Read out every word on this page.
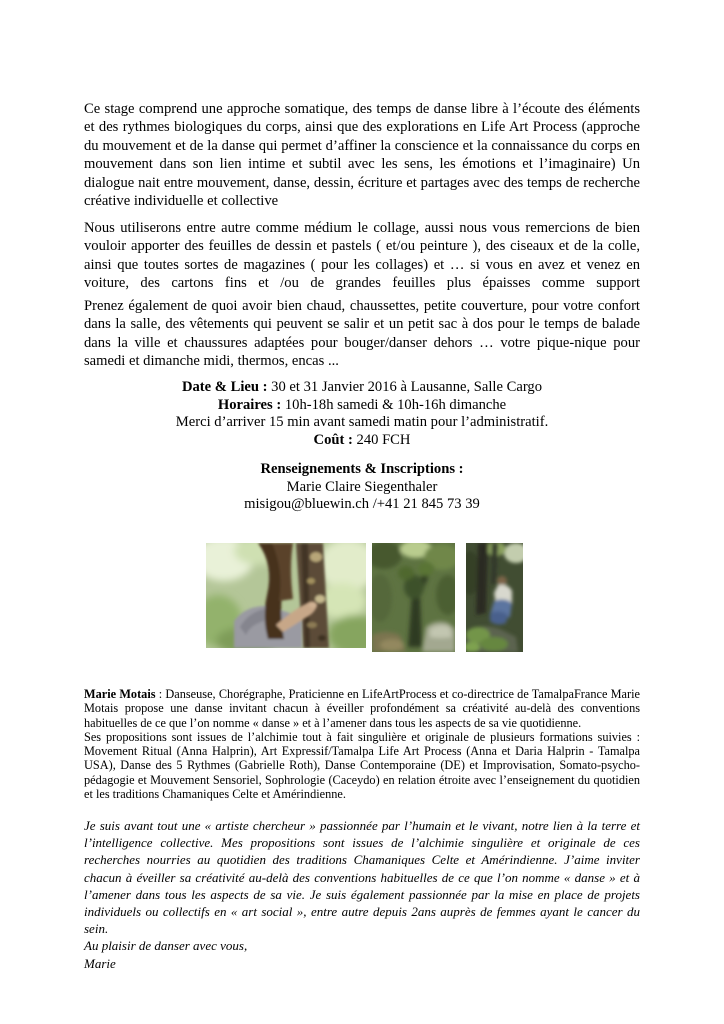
Ce stage comprend une approche somatique, des temps de danse libre à l’écoute des éléments et des rythmes biologiques du corps, ainsi que des explorations en Life Art Process (approche du mouvement et de la danse qui permet d’affiner la conscience et la connaissance du corps en mouvement dans son lien intime et subtil avec les sens, les émotions et l’imaginaire) Un dialogue nait entre mouvement, danse, dessin, écriture et partages avec des temps de recherche créative individuelle et collective
Nous utiliserons entre autre comme médium le collage, aussi nous vous remercions de bien vouloir apporter des feuilles de dessin et pastels ( et/ou peinture ), des ciseaux et de la colle, ainsi que toutes sortes de magazines ( pour les collages) et … si vous en avez et venez en voiture, des cartons fins et /ou de grandes feuilles plus épaisses comme support
Prenez également de quoi avoir bien chaud, chaussettes, petite couverture, pour votre confort dans la salle, des vêtements qui peuvent se salir et un petit sac à dos pour le temps de balade dans la ville et chaussures adaptées pour bouger/danser dehors … votre pique-nique pour samedi et dimanche midi, thermos, encas ...
Date & Lieu : 30 et 31 Janvier 2016 à Lausanne, Salle Cargo
Horaires : 10h-18h samedi & 10h-16h dimanche
Merci d’arriver 15 min avant samedi matin pour l’administratif.
Coût : 240 FCH
Renseignements & Inscriptions :
Marie Claire Siegenthaler
misigou@bluewin.ch /+41 21 845 73 39
Marie Motais : Danseuse, Chorégraphe, Praticienne en LifeArtProcess et co-directrice de TamalpaFrance Marie Motais propose une danse invitant chacun à éveiller profondément sa créativité au-delà des conventions habituelles de ce que l’on nomme « danse » et à l’amener dans tous les aspects de sa vie quotidienne.
Ses propositions sont issues de l’alchimie tout à fait singulière et originale de plusieurs formations suivies : Movement Ritual (Anna Halprin), Art Expressif/Tamalpa Life Art Process (Anna et Daria Halprin - Tamalpa USA), Danse des 5 Rythmes (Gabrielle Roth), Danse Contemporaine (DE) et Improvisation, Somato-psycho-pédagogie et Mouvement Sensoriel, Sophrologie (Caceydo) en relation étroite avec l’enseignement du quotidien et les traditions Chamaniques Celte et Amérindienne.
Je suis avant tout une « artiste chercheur » passionnée par l’humain et le vivant, notre lien à la terre et l’intelligence collective. Mes propositions sont issues de l’alchimie singulière et originale de ces recherches nourries au quotidien des traditions Chamaniques Celte et Amérindienne. J’aime inviter chacun à éveiller sa créativité au-delà des conventions habituelles de ce que l’on nomme « danse » et à l’amener dans tous les aspects de sa vie. Je suis également passionnée par la mise en place de projets individuels ou collectifs en « art social », entre autre depuis 2ans auprès de femmes ayant le cancer du sein.
Au plaisir de danser avec vous,
Marie
